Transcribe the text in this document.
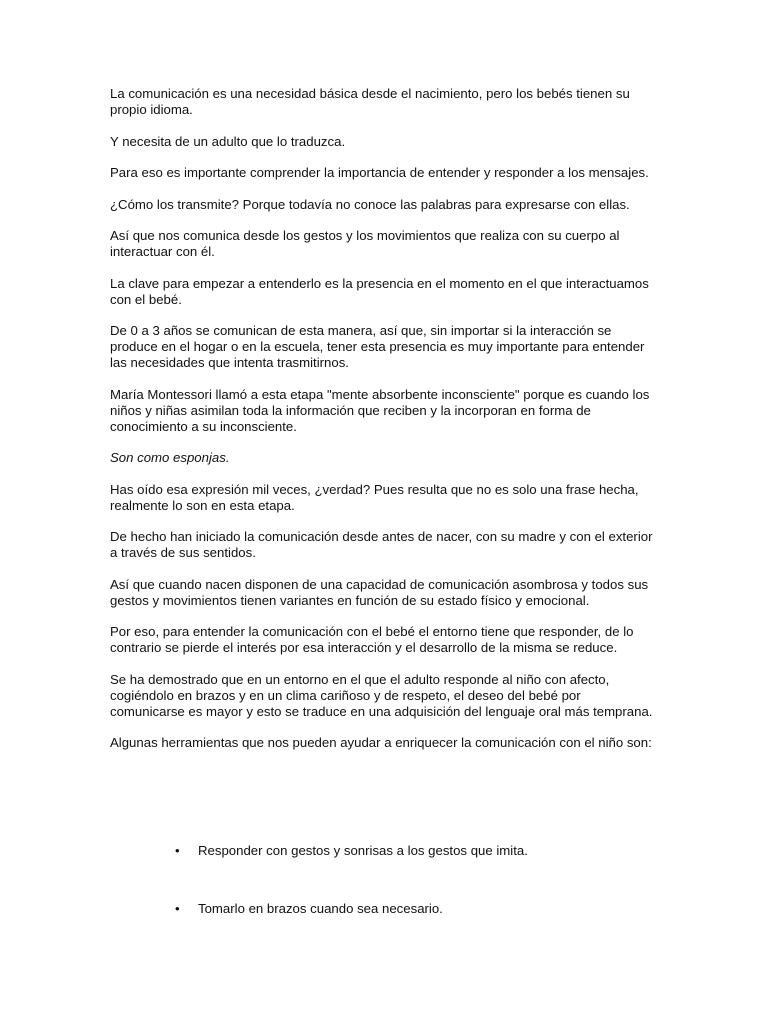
La comunicación es una necesidad básica desde el nacimiento, pero los bebés tienen su propio idioma.

Y necesita de un adulto que lo traduzca.

Para eso es importante comprender la importancia de entender y responder a los mensajes.

¿Cómo los transmite? Porque todavía no conoce las palabras para expresarse con ellas.

Así que nos comunica desde los gestos y los movimientos que realiza con su cuerpo al interactuar con él.

La clave para empezar a entenderlo es la presencia en el momento en el que interactuamos con el bebé.

De 0 a 3 años se comunican de esta manera, así que, sin importar si la interacción se produce en el hogar o en la escuela, tener esta presencia es muy importante para entender las necesidades que intenta trasmitirnos.

María Montessori llamó a esta etapa "mente absorbente inconsciente" porque es cuando los niños y niñas asimilan toda la información que reciben y la incorporan en forma de conocimiento a su inconsciente.

Son como esponjas.

Has oído esa expresión mil veces, ¿verdad? Pues resulta que no es solo una frase hecha, realmente lo son en esta etapa.

De hecho han iniciado la comunicación desde antes de nacer, con su madre y con el exterior a través de sus sentidos.

Así que cuando nacen disponen de una capacidad de comunicación asombrosa y todos sus gestos y movimientos tienen variantes en función de su estado físico y emocional.

Por eso, para entender la comunicación con el bebé el entorno tiene que responder, de lo contrario se pierde el interés por esa interacción y el desarrollo de la misma se reduce.

Se ha demostrado que en un entorno en el que el adulto responde al niño con afecto, cogiéndolo en brazos y en un clima cariñoso y de respeto, el deseo del bebé por comunicarse es mayor y esto se traduce en una adquisición del lenguaje oral más temprana.

Algunas herramientas que nos pueden ayudar a enriquecer la comunicación con el niño son:

•	Responder con gestos y sonrisas a los gestos que imita.
•	Tomarlo en brazos cuando sea necesario.
